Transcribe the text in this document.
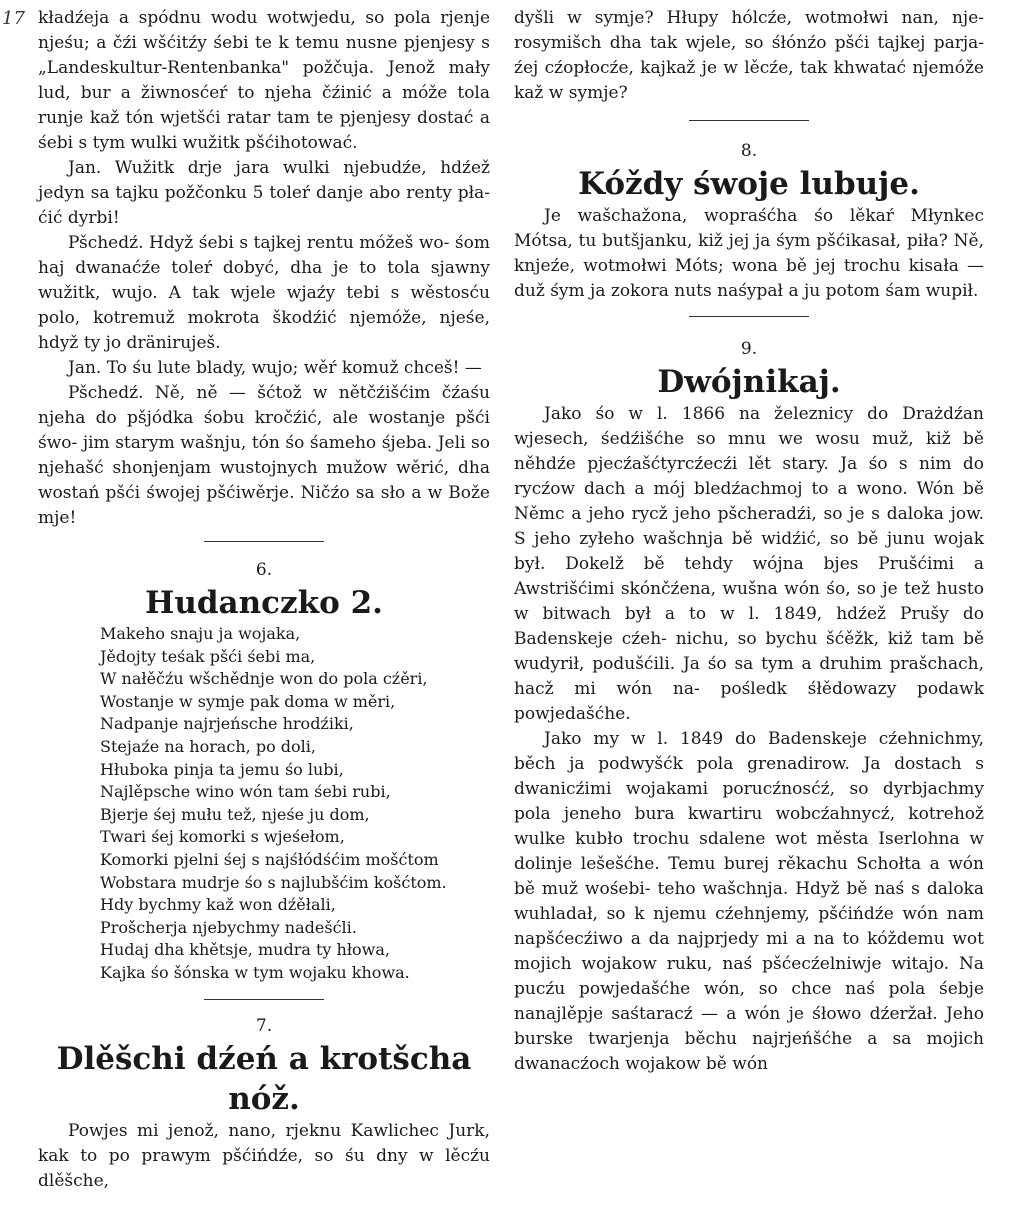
17 kładźeja a spódnu wodu wotwjedu, so pola rjenje njeśu; a čźi wšćitźy śebi te k temu nusne pjenjesy s „Landeskultur-Rentenbanka" požčuja. Jenož mały lud, bur a žiwnosćeŕ to njeha čźinić a móže tola runje kaž tón wjetšći ratar tam te pjenjesy dostać a śebi s tym wulki wužitk pšćihotować.

Jan. Wužitk drje jara wulki njebudźe, hdźež jedyn sa tajku požčonku 5 toleŕ danje abo renty pła- ćić dyrbi!

Pšchedź. Hdyž śebi s tajkej rentu móžeš wo- śom haj dwanaćźe toleŕ dobyć, dha je to tola sjawny wužitk, wujo. A tak wjele wjaźy tebi s wěstosću polo, kotremuž mokrota škodźić njemóže, njeśe, hdyž ty jo dräniruješ.

Jan. To śu lute blady, wujo; wěŕ komuž chceš! —

Pšchedź. Ně, ně — šćtož w nětčźišćim čźaśu njeha do pšjódka śobu kročźić, ale wostanje pšći śwo- jim starym wašnju, tón śo śameho śjeba. Jeli so njehašć shonjenjam wustojnych mužow wěrić, dha wostań pšći śwojej pšćiwěrje. Ničźo sa sło a w Bože mje!

6.

Hudanczko 2.

Makeho snaju ja wojaka,

Jědojty teśak pšći śebi ma,

W nałěčźu wšchědnje won do pola cźěri,

Wostanje w symje pak doma w měri,

Nadpanje najrjeńsche hrodźiki,

Stejaźe na horach, po doli,

Hłuboka pinja ta jemu śo lubi,

Najlěpsche wino wón tam śebi rubi,

Bjerje śej mułu tež, njeśe ju dom,

Twari śej komorki s wjeśełom,

Komorki pjelni śej s najśłódśćim mošćtom

Wobstara mudrje śo s najlubšćim košćtom.

Hdy bychmy kaž won dźěłali,

Prošcherja njebychmy nadešćli.

Hudaj dha khětsje, mudra ty hłowa,

Kajka śo šónska w tym wojaku khowa.

7.

Dlěšchi dźeń a krotšcha nóž.

Powjes mi jenož, nano, rjeknu Kawlichec Jurk, kak to po prawym pšćińdźe, so śu dny w lěcźu dlěšche,

dyšli w symje? Hłupy hólcźe, wotmołwi nan, nje- rosymišch dha tak wjele, so śłónźo pšći tajkej parja- źej cźopłocźe, kajkaž je w lěcźe, tak khwatać njemóže kaž w symje?

8.

Kóždy śwoje lubuje.

Je wašchažona, wopraśćha śo lěkaŕ Młynkec Mótsa, tu butšjanku, kiž jej ja śym pšćikasał, piła? Ně, knjeźe, wotmołwi Móts; wona bě jej trochu kisała — duž śym ja zokora nuts naśypał a ju potom śam wupił.

9.

Dwójnikaj.

Jako śo w l. 1866 na železnicy do Drażdźan wjesech, śedźišćhe so mnu we wosu muž, kiž bě něhdźe pjecźašćtyrcźecźi lět stary. Ja śo s nim do rycźow dach a mój bledźachmoj to a wono. Wón bě Němc a jeho rycž jeho pšcheradźi, so je s daloka jow. S jeho zyłeho wašchnja bě widźić, so bě junu wojak był. Dokelž bě tehdy wójna bjes Prušćimi a Awstrišćimi skónčźena, wušna wón śo, so je tež husto w bitwach był a to w l. 1849, hdźež Prušy do Badenskeje cźeh- nichu, so bychu šćěžk, kiž tam bě wudyrił, podušćili. Ja śo sa tym a druhim prašchach, hacž mi wón na- pośledk śłědowazy podawk powjedašćhe.

Jako my w l. 1849 do Badenskeje cźehnichmy, běch ja podwyšćk pola grenadirow. Ja dostach s dwanicźimi wojakami porucźnosćź, so dyrbjachmy pola jeneho bura kwartiru wobcźahnycź, kotrehož wulke kubło trochu sdalene wot městа Iserlohna w dolinje lešešćhe. Temu burej rěkachu Schołta a wón bě muž wośebi- teho wašchnja. Hdyž bě naś s daloka wuhladał, so k njemu cźehnjemy, pšćińdźe wón nam napšćecźiwo a da najprjedy mi a na to kóždemu wot mojich wojakow ruku, naś pšćecźelniwje witajo. Na pucźu powjedašćhe wón, so chce naś pola śebje nanajlěpje saśtaracź — a wón je śłowo dźeržał. Jeho burske twarjenja běchu najrjeńšćhe a sa mojich dwanacźoch wojakow bě wón
